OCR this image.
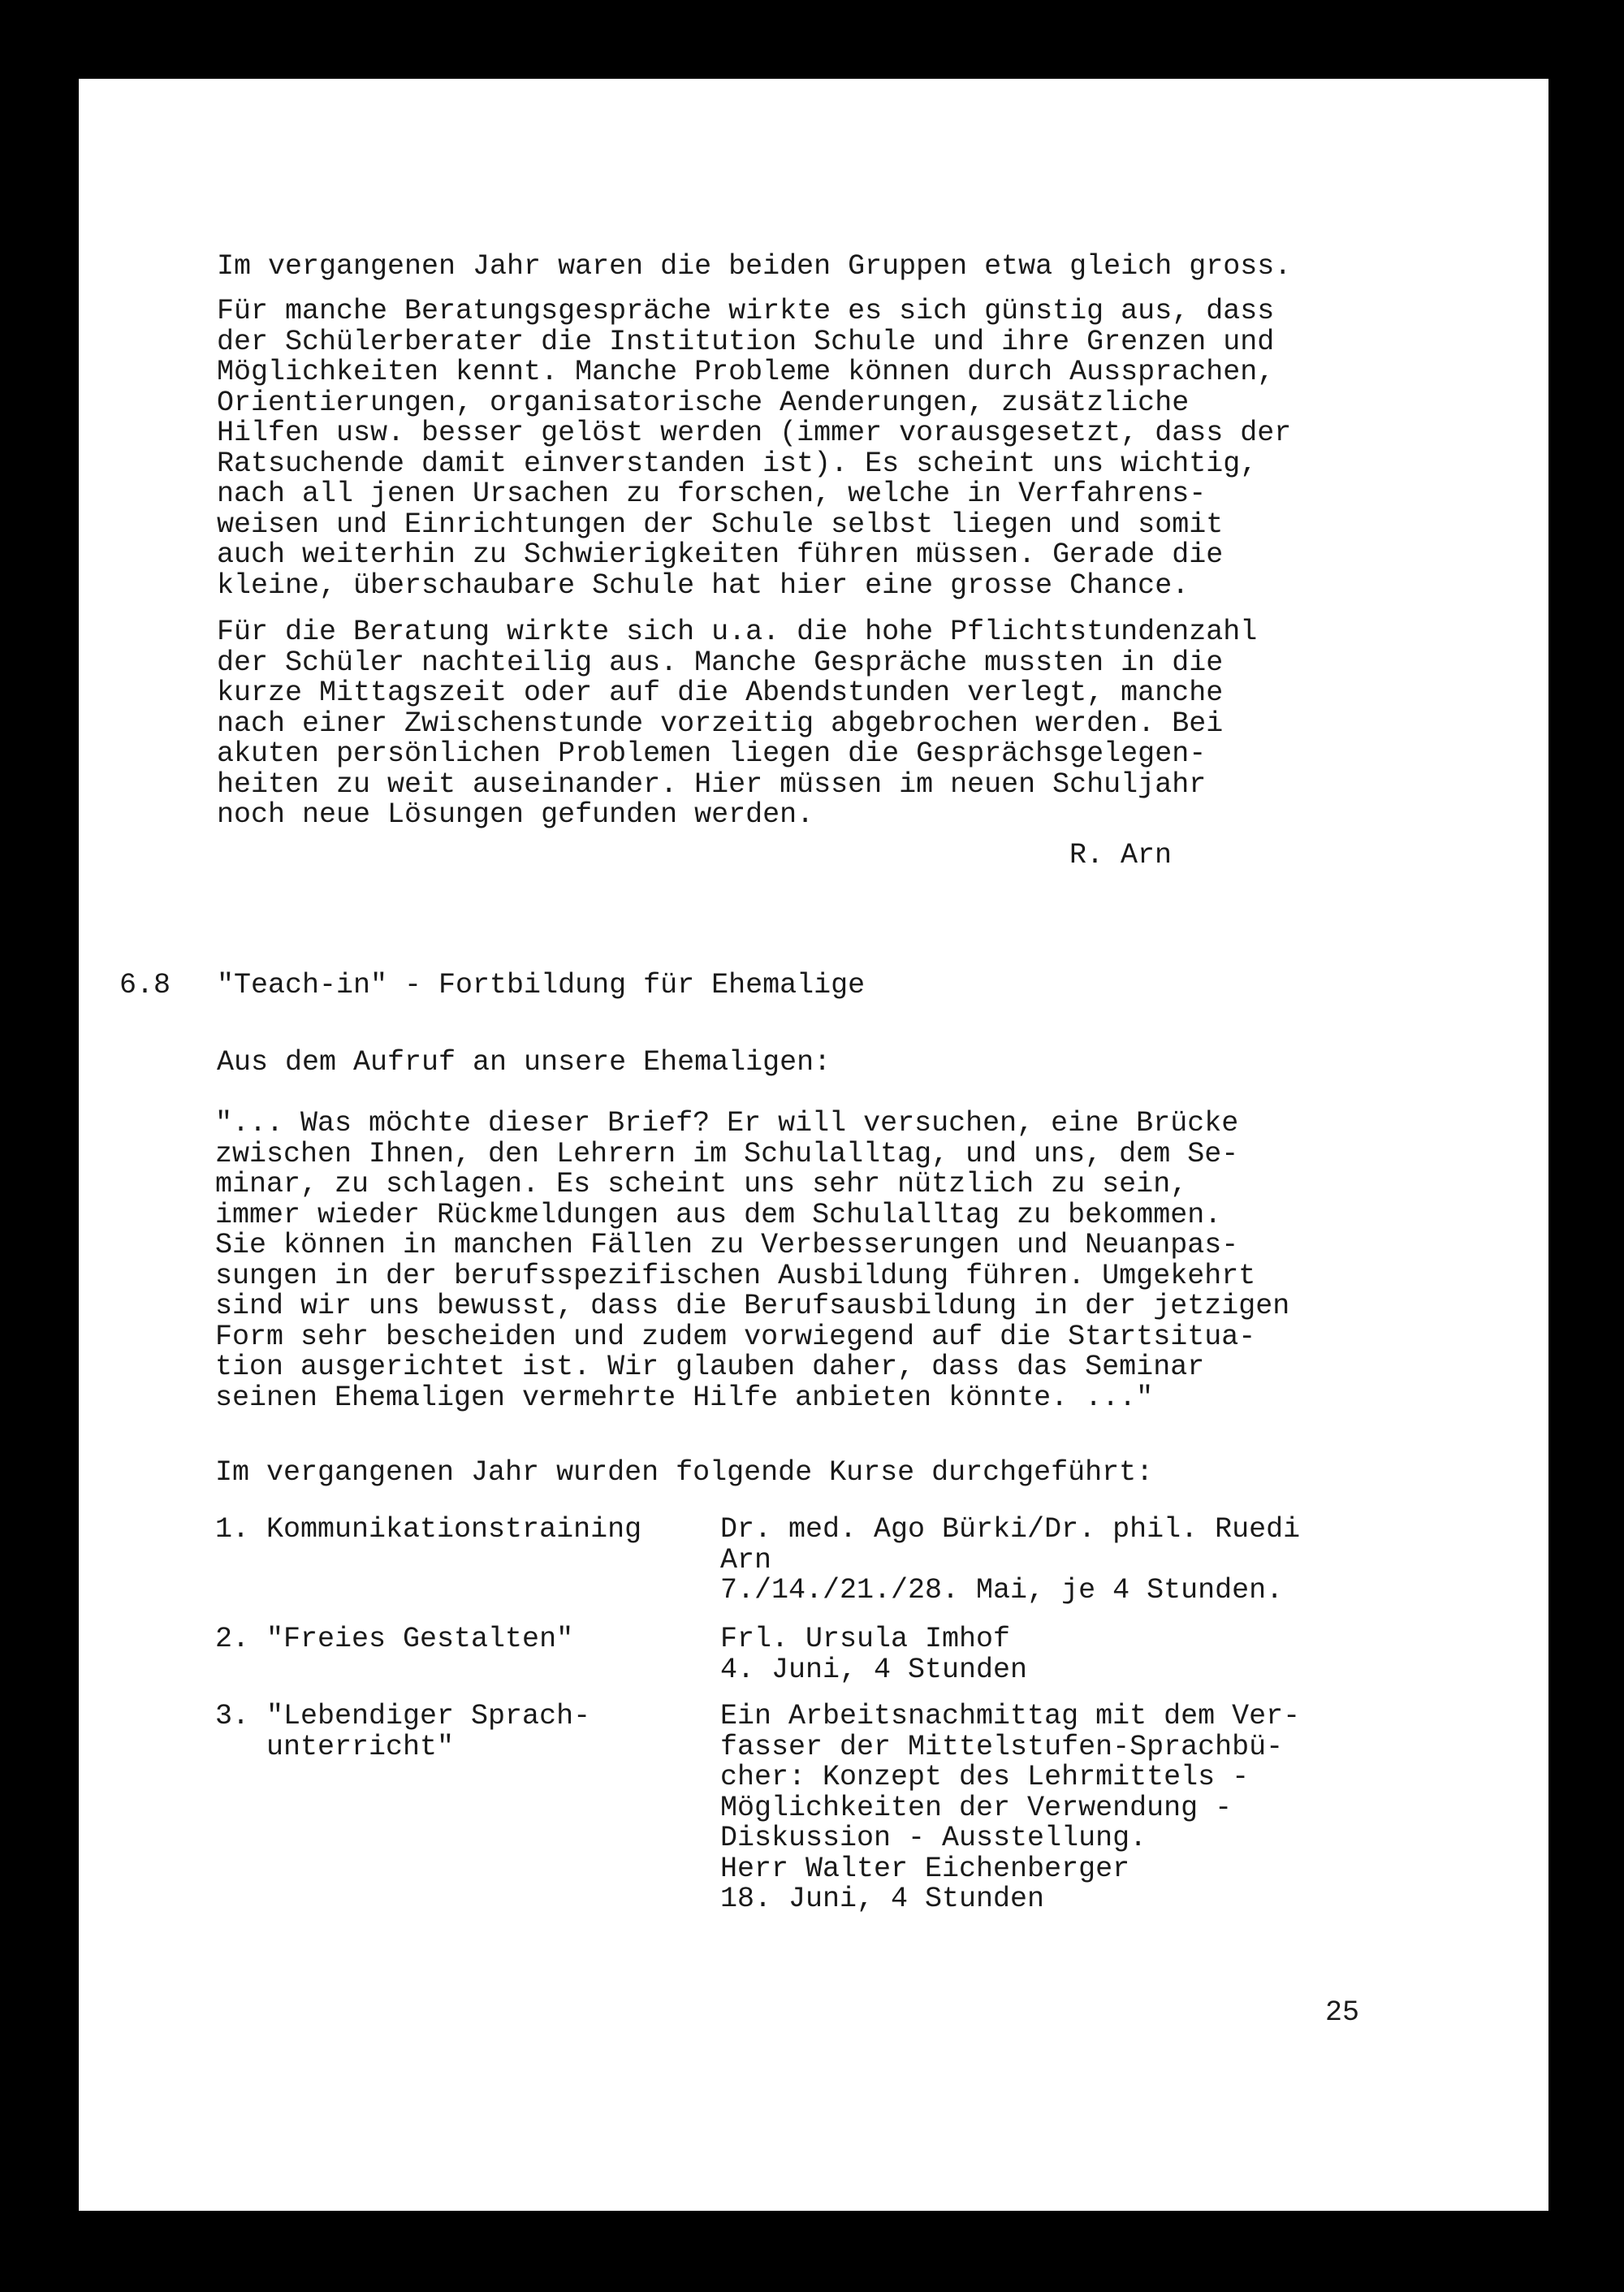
Im vergangenen Jahr waren die beiden Gruppen etwa gleich gross.

Für manche Beratungsgespräche wirkte es sich günstig aus, dass
der Schülerberater die Institution Schule und ihre Grenzen und
Möglichkeiten kennt. Manche Probleme können durch Aussprachen,
Orientierungen, organisatorische Aenderungen, zusätzliche
Hilfen usw. besser gelöst werden (immer vorausgesetzt, dass der
Ratsuchende damit einverstanden ist). Es scheint uns wichtig,
nach all jenen Ursachen zu forschen, welche in Verfahrens-
weisen und Einrichtungen der Schule selbst liegen und somit
auch weiterhin zu Schwierigkeiten führen müssen. Gerade die
kleine, überschaubare Schule hat hier eine grosse Chance.

Für die Beratung wirkte sich u.a. die hohe Pflichtstundenzahl
der Schüler nachteilig aus. Manche Gespräche mussten in die
kurze Mittagszeit oder auf die Abendstunden verlegt, manche
nach einer Zwischenstunde vorzeitig abgebrochen werden. Bei
akuten persönlichen Problemen liegen die Gesprächsgelegen-
heiten zu weit auseinander. Hier müssen im neuen Schuljahr
noch neue Lösungen gefunden werden.

R. Arn

6.8 "Teach-in" - Fortbildung für Ehemalige

Aus dem Aufruf an unsere Ehemaligen:

"... Was möchte dieser Brief? Er will versuchen, eine Brücke
zwischen Ihnen, den Lehrern im Schulalltag, und uns, dem Se-
minar, zu schlagen. Es scheint uns sehr nützlich zu sein,
immer wieder Rückmeldungen aus dem Schulalltag zu bekommen.
Sie können in manchen Fällen zu Verbesserungen und Neuanpas-
sungen in der berufsspezifischen Ausbildung führen. Umgekehrt
sind wir uns bewusst, dass die Berufsausbildung in der jetzigen
Form sehr bescheiden und zudem vorwiegend auf die Startsitua-
tion ausgerichtet ist. Wir glauben daher, dass das Seminar
seinen Ehemaligen vermehrte Hilfe anbieten könnte. ..."

Im vergangenen Jahr wurden folgende Kurse durchgeführt:

1. Kommunikationstraining	Dr. med. Ago Bürki/Dr. phil. Ruedi
Arn
7./14./21./28. Mai, je 4 Stunden.
2. "Freies Gestalten"	Frl. Ursula Imhof
4. Juni, 4 Stunden
3. "Lebendiger Sprach-
unterricht"
Ein Arbeitsnachmittag mit dem Ver-
fasser der Mittelstufen-Sprachbü-
cher: Konzept des Lehrmittels -
Möglichkeiten der Verwendung -
Diskussion - Ausstellung.
Herr Walter Eichenberger
18. Juni, 4 Stunden

25
